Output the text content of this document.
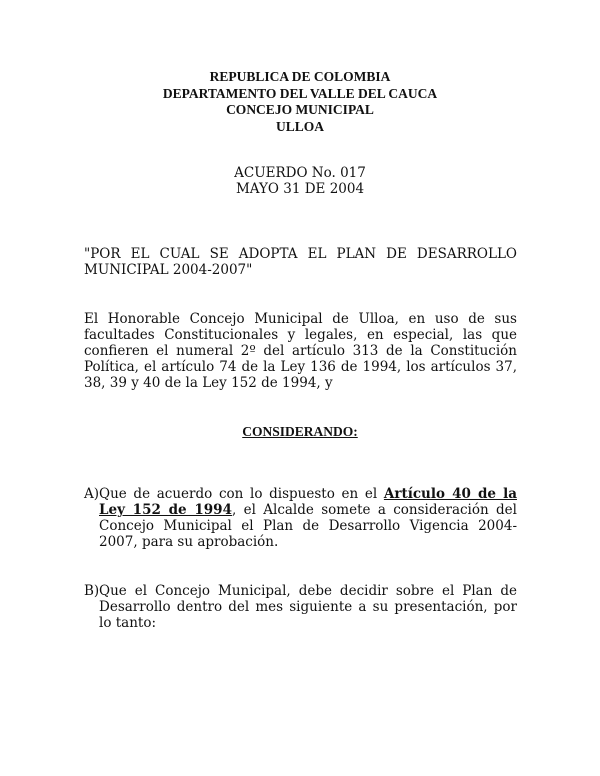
REPUBLICA DE COLOMBIA
DEPARTAMENTO DEL VALLE DEL CAUCA
CONCEJO MUNICIPAL
ULLOA
ACUERDO No. 017
MAYO 31 DE 2004
"POR EL CUAL SE ADOPTA EL PLAN DE DESARROLLO MUNICIPAL 2004-2007"
El Honorable Concejo Municipal de Ulloa, en uso de sus facultades Constitucionales y legales, en especial, las que confieren el numeral 2º del artículo 313 de la Constitución Política, el artículo 74 de la Ley 136 de 1994, los artículos 37, 38, 39 y 40 de la Ley 152 de 1994, y
CONSIDERANDO:
A) Que de acuerdo con lo dispuesto en el Artículo 40 de la Ley 152 de 1994, el Alcalde somete a consideración del Concejo Municipal el Plan de Desarrollo Vigencia 2004-2007, para su aprobación.
B) Que el Concejo Municipal, debe decidir sobre el Plan de Desarrollo dentro del mes siguiente a su presentación, por lo tanto:
